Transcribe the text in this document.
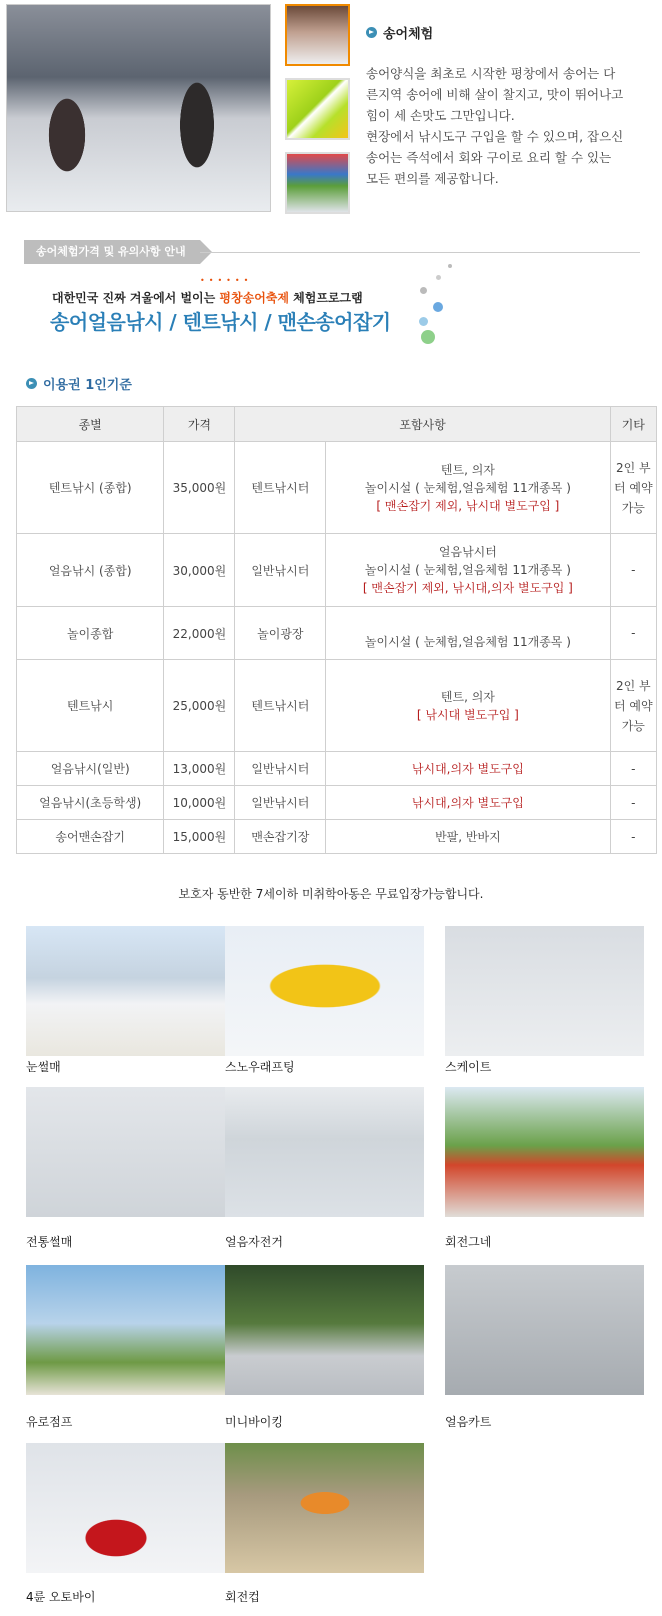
송어체험

송어양식을 최초로 시작한 평창에서 송어는 다

른지역 송어에 비해 살이 찰지고, 맛이 뛰어나고

힘이 세 손맛도 그만입니다.

현장에서 낚시도구 구입을 할 수 있으며, 잡으신

송어는 즉석에서 회와 구이로 요리 할 수 있는

모든 편의를 제공합니다.

송어체험가격 및 유의사항 안내
대한민국 진짜 겨울에서 벌이는 평창송어축제 체험프로그램
••••••
송어얼음낚시 / 텐트낚시 / 맨손송어잡기
이용권 1인기준
종별	가격	포함사항		기타
텐트낚시 (종합)	35,000원	텐트낚시터	텐트, 의자
놀이시설 ( 눈체험,얼음체험 11개종목 )
[ 맨손잡기 제외, 낚시대 별도구입 ]	2인 부터 예약 가능
얼음낚시 (종합)	30,000원	일반낚시터	얼음낚시터
놀이시설 ( 눈체험,얼음체험 11개종목 )
[ 맨손잡기 제외, 낚시대,의자 별도구입 ]	-
놀이종합	22,000원	놀이광장	놀이시설 ( 눈체험,얼음체험 11개종목 )	-
텐트낚시	25,000원	텐트낚시터	텐트, 의자
[ 낚시대 별도구입 ]	2인 부터 예약 가능
얼음낚시(일반)	13,000원	일반낚시터	낚시대,의자 별도구입	-
얼음낚시(초등학생)	10,000원	일반낚시터	낚시대,의자 별도구입	-
송어맨손잡기	15,000원	맨손잡기장	반팔, 반바지	-
보호자 동반한 7세이하 미취학아동은 무료입장가능합니다.
눈썰매	스노우래프팅	스케이트
전통썰매	얼음자전거	회전그네
유로점프	미니바이킹	얼음카트
4륜 오토바이	회전컵
